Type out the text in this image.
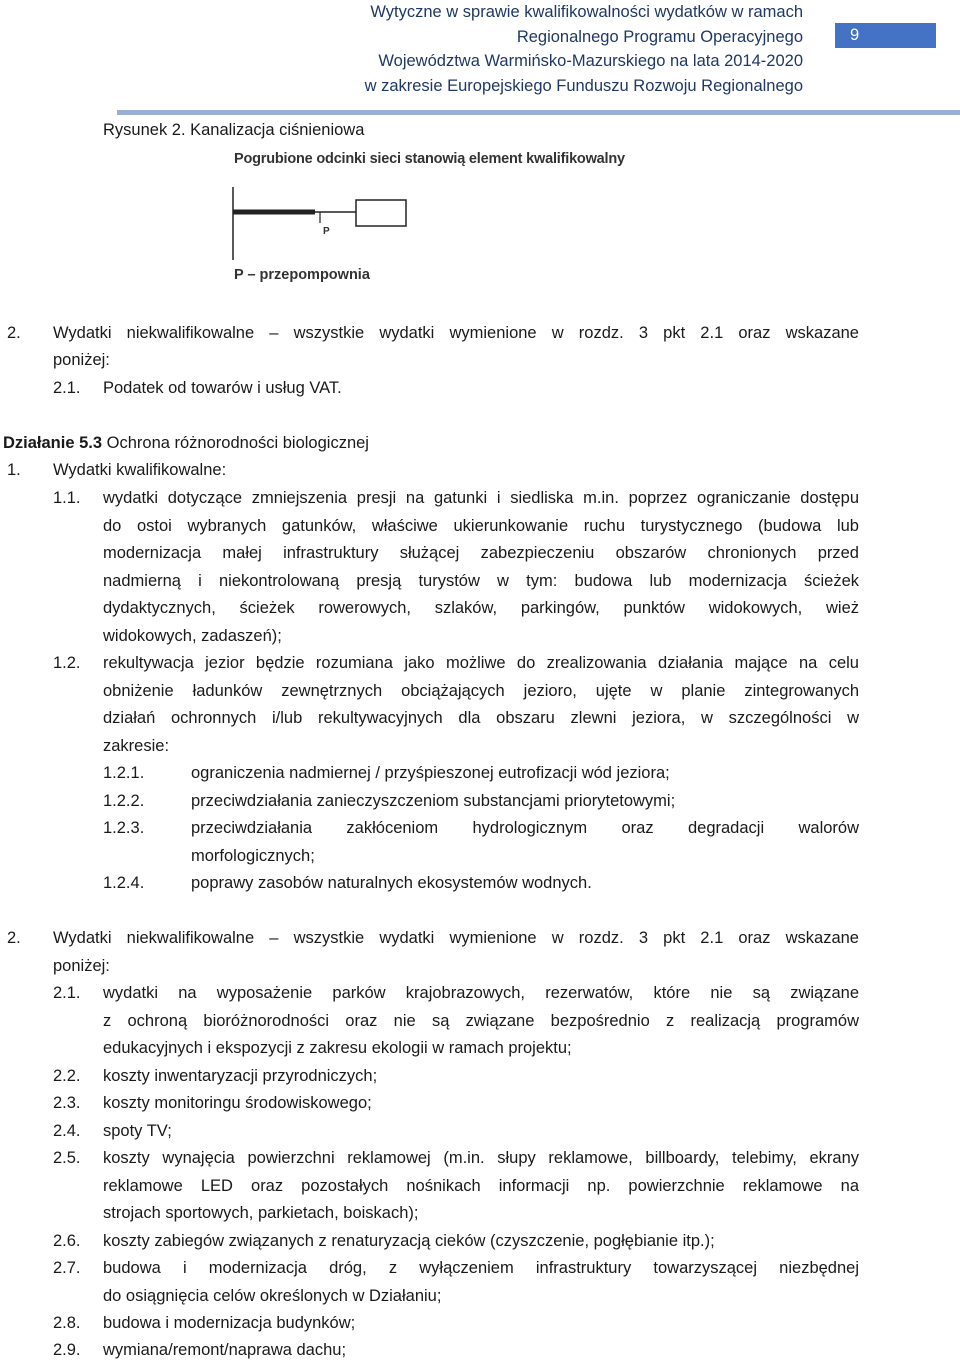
Wytyczne w sprawie kwalifikowalności wydatków w ramach
Regionalnego Programu Operacyjnego
Województwa Warmińsko-Mazurskiego na lata 2014-2020
w zakresie Europejskiego Funduszu Rozwoju Regionalnego
9
Rysunek 2. Kanalizacja ciśnieniowa
Pogrubione odcinki sieci stanowią element kwalifikowalny
P
P – przepompownia
2. Wydatki niekwalifikowalne – wszystkie wydatki wymienione w rozdz. 3 pkt 2.1 oraz wskazane
poniżej:
2.1. Podatek od towarów i usług VAT.
Działanie 5.3 Ochrona różnorodności biologicznej
1. Wydatki kwalifikowalne:
1.1. wydatki dotyczące zmniejszenia presji na gatunki i siedliska m.in. poprzez ograniczanie dostępu
do ostoi wybranych gatunków, właściwe ukierunkowanie ruchu turystycznego (budowa lub
modernizacja małej infrastruktury służącej zabezpieczeniu obszarów chronionych przed
nadmierną i niekontrolowaną presją turystów w tym: budowa lub modernizacja ścieżek
dydaktycznych, ścieżek rowerowych, szlaków, parkingów, punktów widokowych, wież
widokowych, zadaszeń);
1.2. rekultywacja jezior będzie rozumiana jako możliwe do zrealizowania działania mające na celu
obniżenie ładunków zewnętrznych obciążających jezioro, ujęte w planie zintegrowanych
działań ochronnych i/lub rekultywacyjnych dla obszaru zlewni jeziora, w szczególności w
zakresie:
1.2.1.	ograniczenia nadmiernej / przyśpieszonej eutrofizacji wód jeziora;
1.2.2.	przeciwdziałania zanieczyszczeniom substancjami priorytetowymi;
1.2.3.	przeciwdziałania zakłóceniom hydrologicznym oraz degradacji walorów
morfologicznych;
1.2.4.	poprawy zasobów naturalnych ekosystemów wodnych.
2. Wydatki niekwalifikowalne – wszystkie wydatki wymienione w rozdz. 3 pkt 2.1 oraz wskazane
poniżej:
2.1. wydatki na wyposażenie parków krajobrazowych, rezerwatów, które nie są związane
z ochroną bioróżnorodności oraz nie są związane bezpośrednio z realizacją programów
edukacyjnych i ekspozycji z zakresu ekologii w ramach projektu;
2.2. koszty inwentaryzacji przyrodniczych;
2.3. koszty monitoringu środowiskowego;
2.4. spoty TV;
2.5. koszty wynajęcia powierzchni reklamowej (m.in. słupy reklamowe, billboardy, telebimy, ekrany
reklamowe LED oraz pozostałych nośnikach informacji np. powierzchnie reklamowe na
strojach sportowych, parkietach, boiskach);
2.6. koszty zabiegów związanych z renaturyzacją cieków (czyszczenie, pogłębianie itp.);
2.7. budowa i modernizacja dróg, z wyłączeniem infrastruktury towarzyszącej niezbędnej
do osiągnięcia celów określonych w Działaniu;
2.8. budowa i modernizacja budynków;
2.9. wymiana/remont/naprawa dachu;
